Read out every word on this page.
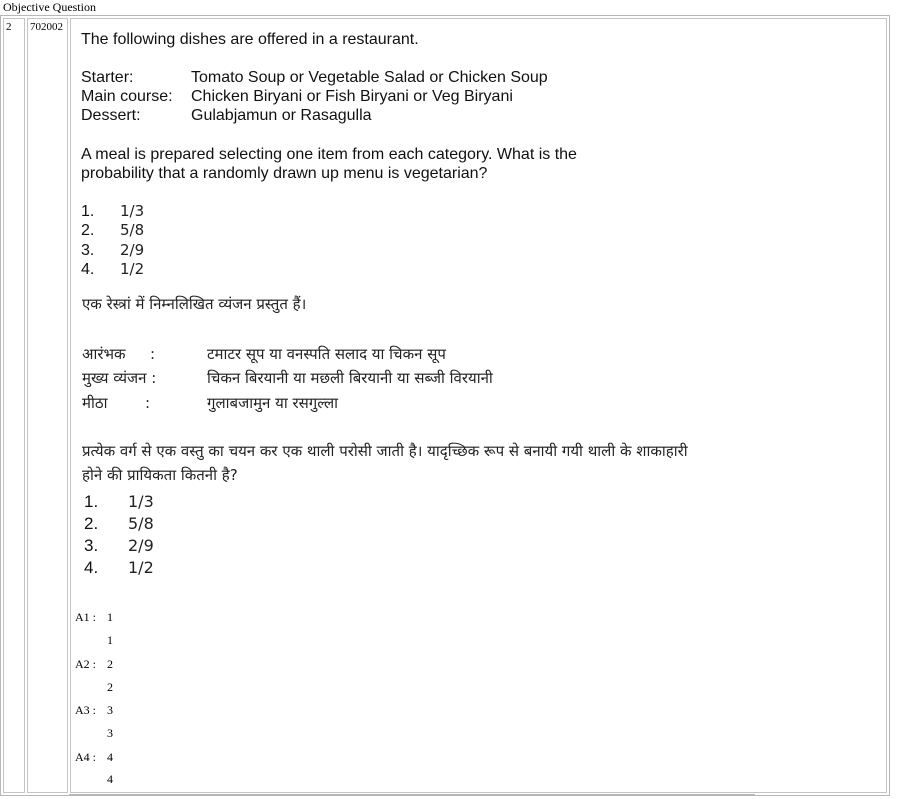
Objective Question
2 702002
The following dishes are offered in a restaurant.
Starter:	Tomato Soup or Vegetable Salad or Chicken Soup
Main course: Chicken Biryani or Fish Biryani or Veg Biryani
Dessert:	Gulabjamun or Rasagulla
A meal is prepared selecting one item from each category. What is the
probability that a randomly drawn up menu is vegetarian?
1. 1/3
2. 5/8
3. 2/9
4. 1/2
एक रेस्त्रां में निम्नलिखित व्यंजन प्रस्तुत हैं।
आरंभक :	टमाटर सूप या वनस्पति सलाद या चिकन सूप
मुख्य व्यंजन :	चिकन बिरयानी या मछली बिरयानी या सब्जी विरयानी
मीठा	:	गुलाबजामुन या रसगुल्ला
प्रत्येक वर्ग से एक वस्तु का चयन कर एक थाली परोसी जाती है। यादृच्छिक रूप से बनायी गयी थाली के शाकाहारी
होने की प्रायिकता कितनी है?
1. 1/3
2. 5/8
3. 2/9
4. 1/2
A1 : 1
1
A2 : 2
2
A3 : 3
3
A4 : 4
4
